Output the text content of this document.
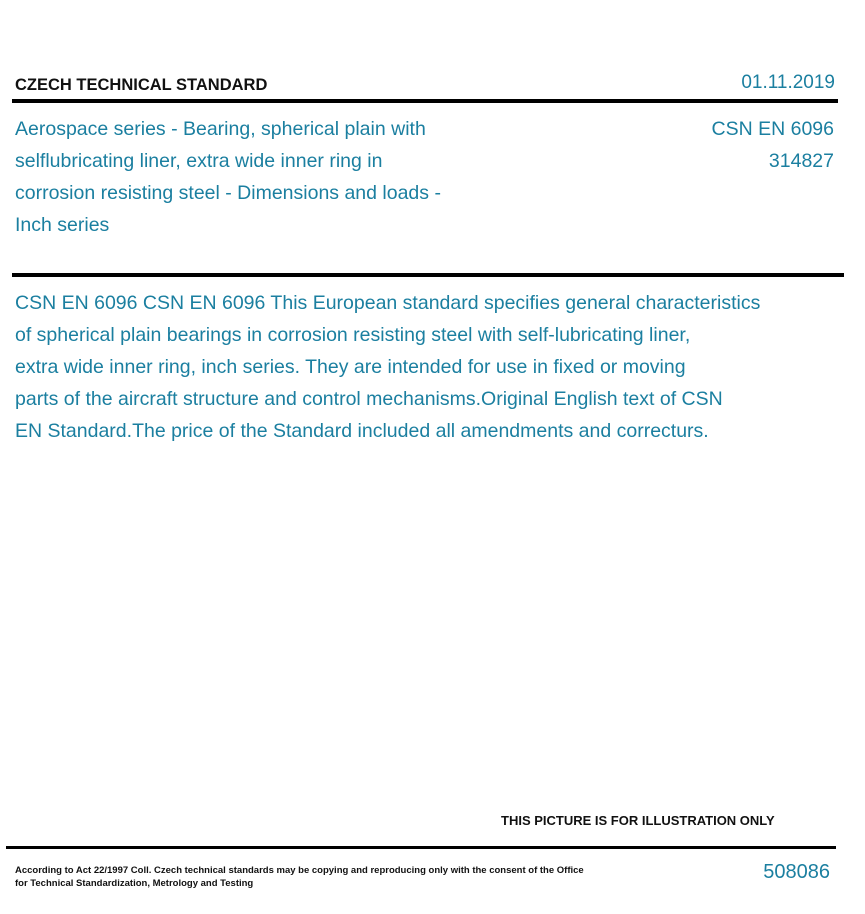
CZECH TECHNICAL STANDARD	01.11.2019
Aerospace series - Bearing, spherical plain with selflubricating liner, extra wide inner ring in corrosion resisting steel - Dimensions and loads - Inch series
CSN EN 6096
314827
CSN EN 6096 CSN EN 6096 This European standard specifies general characteristics
of spherical plain bearings in corrosion resisting steel with self-lubricating liner,
extra wide inner ring, inch series. They are intended for use in fixed or moving
parts of the aircraft structure and control mechanisms.Original English text of CSN
EN Standard.The price of the Standard included all amendments and correcturs.
THIS PICTURE IS FOR ILLUSTRATION ONLY
According to Act 22/1997 Coll. Czech technical standards may be copying and reproducing only with the consent of the Office for Technical Standardization, Metrology and Testing
508086
